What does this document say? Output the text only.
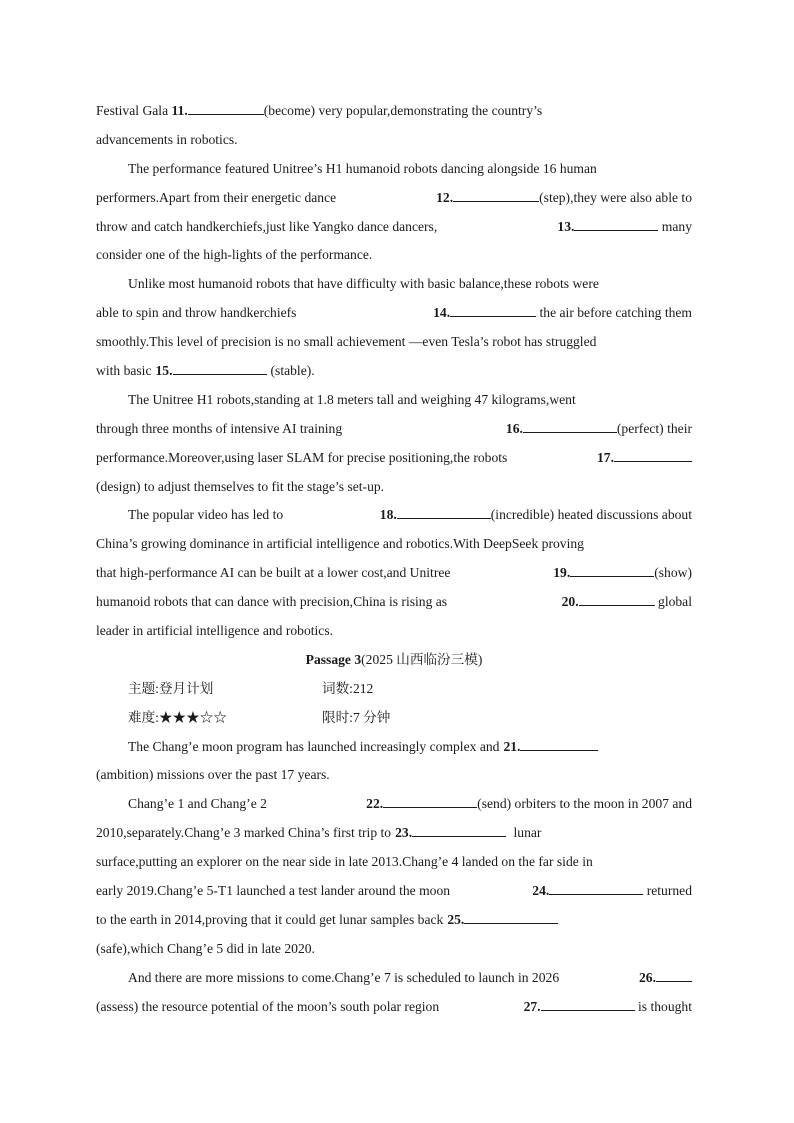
Festival Gala 11.	(become) very popular,demonstrating the country’s
advancements in robotics.
The performance featured Unitree’s H1 humanoid robots dancing alongside 16 human
performers.Apart from their energetic dance	12.	(step),they were also able to
throw and catch handkerchiefs,just like Yangko dance dancers,	13.	many
consider one of the high-lights of the performance.
Unlike most humanoid robots that have difficulty with basic balance,these robots were
able to spin and throw handkerchiefs	14.	the air before catching them
smoothly.This level of precision is no small achievement —even Tesla’s robot has struggled
with basic 15.	(stable).
The Unitree H1 robots,standing at 1.8 meters tall and weighing 47 kilograms,went
through three months of intensive AI training	16.	(perfect) their
performance.Moreover,using laser SLAM for precise positioning,the robots	17.
(design) to adjust themselves to fit the stage’s set-up.
The popular video has led to	18.	(incredible) heated discussions about
China’s growing dominance in artificial intelligence and robotics.With DeepSeek proving
that high-performance AI can be built at a lower cost,and Unitree	19.	(show)
humanoid robots that can dance with precision,China is rising as	20.	global
leader in artificial intelligence and robotics.
Passage 3(2025 山西临汾三模)
主题:登月计划	词数:212
难度:★★★☆☆	限时:7 分钟
The Chang’e moon program has launched increasingly complex and 21.
(ambition) missions over the past 17 years.
Chang’e 1 and Chang’e 2	22.	(send) orbiters to the moon in 2007 and
2010,separately.Chang’e 3 marked China’s first trip to 23.	lunar
surface,putting an explorer on the near side in late 2013.Chang’e 4 landed on the far side in
early 2019.Chang’e 5-T1 launched a test lander around the moon	24.	returned
to the earth in 2014,proving that it could get lunar samples back 25.
(safe),which Chang’e 5 did in late 2020.
And there are more missions to come.Chang’e 7 is scheduled to launch in 2026	26.
(assess) the resource potential of the moon’s south polar region	27.	is thought
